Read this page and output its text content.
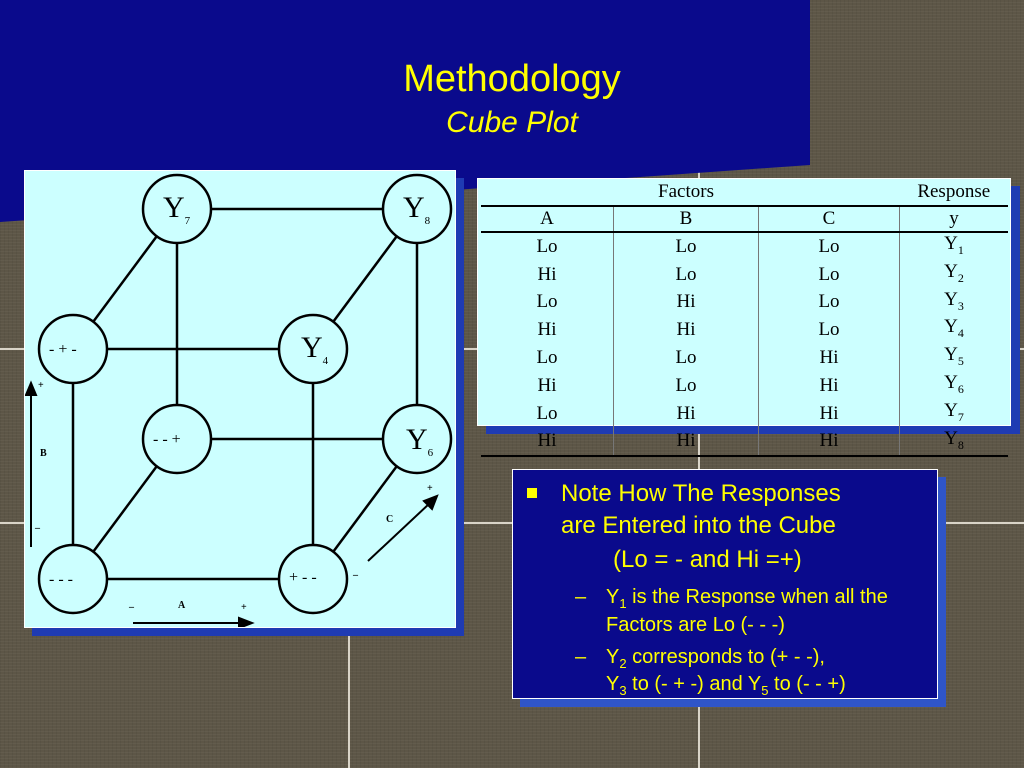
Methodology
Cube Plot
$Y_7$	$Y_8$
$Y_4$
$Y_6$
- + -
- - +
- - -	+ - -
+
B
–
–	A	+
+
C
–
	Factors		Response
A	B	C	y
Lo	Lo	Lo	$Y_1$
Hi	Lo	Lo	$Y_2$
Lo	Hi	Lo	$Y_3$
Hi	Hi	Lo	$Y_4$
Lo	Lo	Hi	$Y_5$
Hi	Lo	Hi	$Y_6$
Lo	Hi	Hi	$Y_7$
Hi	Hi	Hi	$Y_8$
Note How The Responses
are Entered into the Cube
(Lo = - and Hi =+)
– $Y_1$ is the Response when all the
Factors are Lo (- - -)
– $Y_2$ corresponds to (+ - -),
$Y_3$ to (- + -) and $Y_5$ to (- - +)
